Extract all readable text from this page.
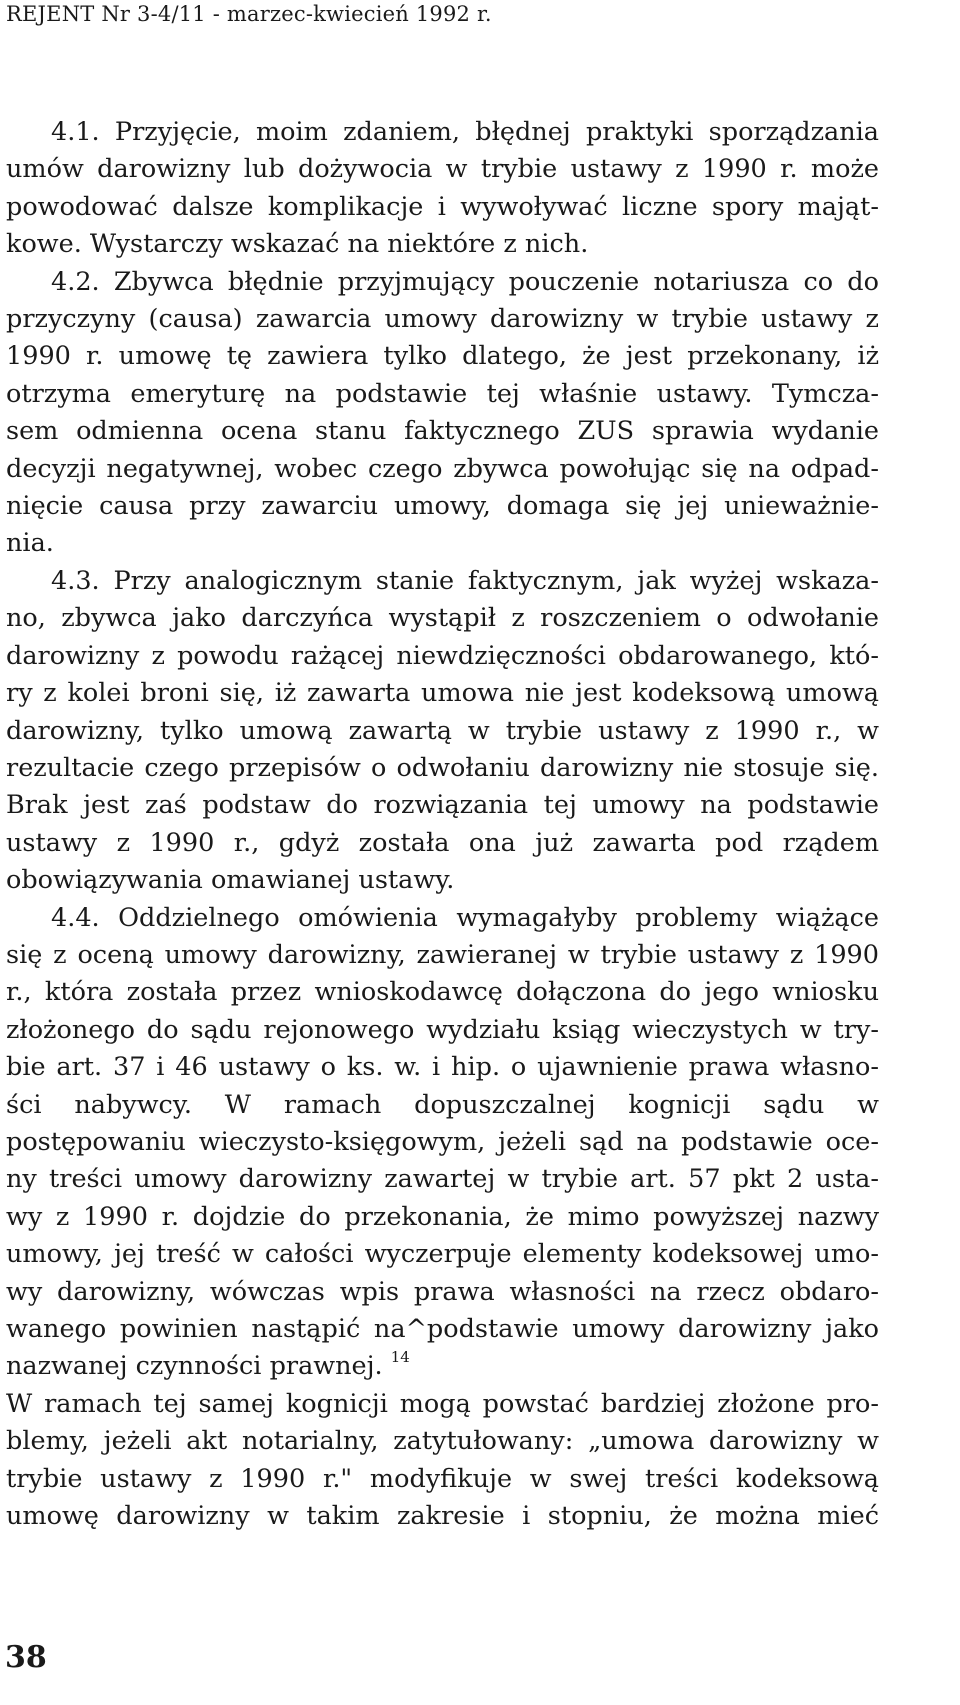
REJENT Nr 3-4/11 - marzec-kwiecień 1992 r.
4.1. Przyjęcie, moim zdaniem, błędnej praktyki sporządzania
umów darowizny lub dożywocia w trybie ustawy z 1990 r. może
powodować dalsze komplikacje i wywoływać liczne spory mająt-
kowe. Wystarczy wskazać na niektóre z nich.
4.2. Zbywca błędnie przyjmujący pouczenie notariusza co do
przyczyny (causa) zawarcia umowy darowizny w trybie ustawy z
1990 r. umowę tę zawiera tylko dlatego, że jest przekonany, iż
otrzyma emeryturę na podstawie tej właśnie ustawy. Tymcza-
sem odmienna ocena stanu faktycznego ZUS sprawia wydanie
decyzji negatywnej, wobec czego zbywca powołując się na odpad-
nięcie causa przy zawarciu umowy, domaga się jej unieważnie-
nia.
4.3. Przy analogicznym stanie faktycznym, jak wyżej wskaza-
no, zbywca jako darczyńca wystąpił z roszczeniem o odwołanie
darowizny z powodu rażącej niewdzięczności obdarowanego, któ-
ry z kolei broni się, iż zawarta umowa nie jest kodeksową umową
darowizny, tylko umową zawartą w trybie ustawy z 1990 r., w
rezultacie czego przepisów o odwołaniu darowizny nie stosuje się.
Brak jest zaś podstaw do rozwiązania tej umowy na podstawie
ustawy z 1990 r., gdyż została ona już zawarta pod rządem
obowiązywania omawianej ustawy.
4.4. Oddzielnego omówienia wymagałyby problemy wiążące
się z oceną umowy darowizny, zawieranej w trybie ustawy z 1990
r., która została przez wnioskodawcę dołączona do jego wniosku
złożonego do sądu rejonowego wydziału ksiąg wieczystych w try-
bie art. 37 i 46 ustawy o ks. w. i hip. o ujawnienie prawa własno-
ści nabywcy. W ramach dopuszczalnej kognicji sądu w
postępowaniu wieczysto-księgowym, jeżeli sąd na podstawie oce-
ny treści umowy darowizny zawartej w trybie art. 57 pkt 2 usta-
wy z 1990 r. dojdzie do przekonania, że mimo powyższej nazwy
umowy, jej treść w całości wyczerpuje elementy kodeksowej umo-
wy darowizny, wówczas wpis prawa własności na rzecz obdaro-
wanego powinien nastąpić na^podstawie umowy darowizny jako
nazwanej czynności prawnej. $^{14}$
W ramach tej samej kognicji mogą powstać bardziej złożone pro-
blemy, jeżeli akt notarialny, zatytułowany: „umowa darowizny w
trybie ustawy z 1990 r." modyfikuje w swej treści kodeksową
umowę darowizny w takim zakresie i stopniu, że można mieć
38
